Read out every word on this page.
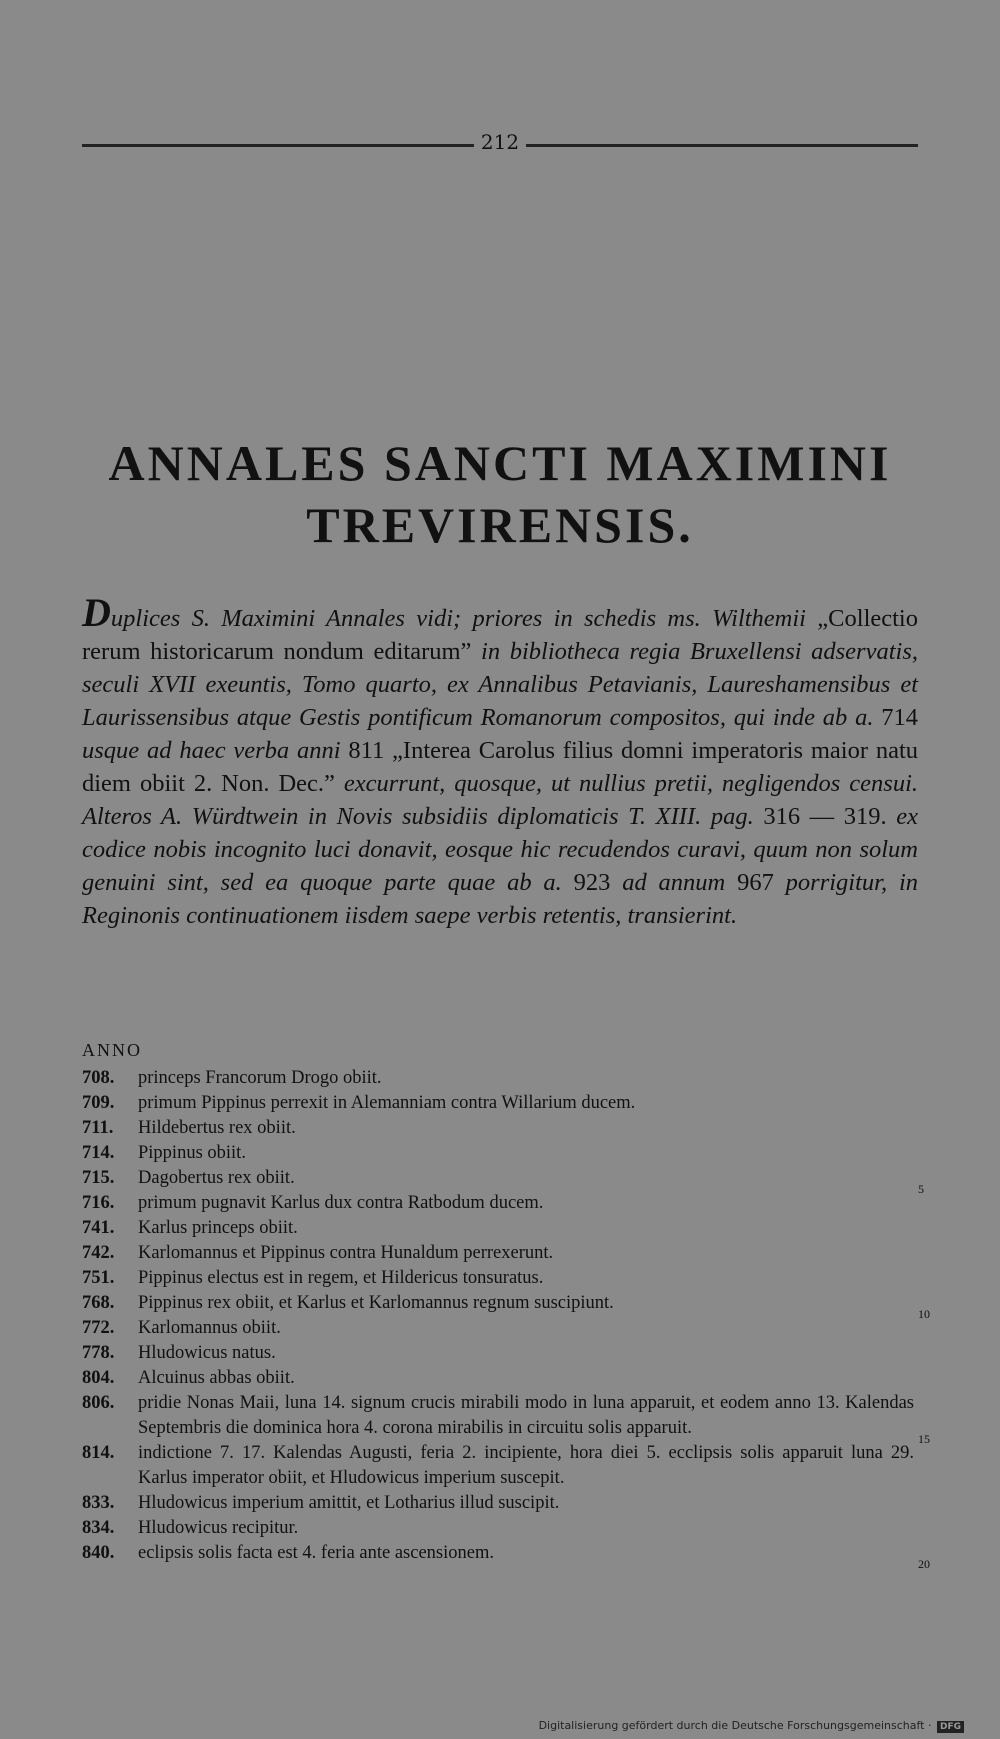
212
ANNALES SANCTI MAXIMINI
TREVIRENSIS.
Duplices S. Maximini Annales vidi; priores in schedis ms. Wilthemii „Collectio rerum historicarum nondum editarum” in bibliotheca regia Bruxellensi adservatis, seculi XVII exeuntis, Tomo quarto, ex Annalibus Petavianis, Laureshamensibus et Laurissensibus atque Gestis pontificum Romanorum compositos, qui inde ab a. 714 usque ad haec verba anni 811 „Interea Carolus filius domni imperatoris maior natu diem obiit 2. Non. Dec.” excurrunt, quosque, ut nullius pretii, negligendos censui. Alteros A. Würdtwein in Novis subsidiis diplomaticis T. XIII. pag. 316 — 319. ex codice nobis incognito luci donavit, eosque hic recudendos curavi, quum non solum genuini sint, sed ea quoque parte quae ab a. 923 ad annum 967 porrigitur, in Reginonis continuationem iisdem saepe verbis retentis, transierint.
ANNO
708.	princeps Francorum Drogo obiit.
709.	primum Pippinus perrexit in Alemanniam contra Willarium ducem.
711.	Hildebertus rex obiit.
714.	Pippinus obiit.
715.	Dagobertus rex obiit.
716.	primum pugnavit Karlus dux contra Ratbodum ducem.
741.	Karlus princeps obiit.
742.	Karlomannus et Pippinus contra Hunaldum perrexerunt.
751.	Pippinus electus est in regem, et Hildericus tonsuratus.
768.	Pippinus rex obiit, et Karlus et Karlomannus regnum suscipiunt.
772.	Karlomannus obiit.
778.	Hludowicus natus.
804.	Alcuinus abbas obiit.
806.	pridie Nonas Maii, luna 14. signum crucis mirabili modo in luna apparuit, et eodem anno 13. Kalendas Septembris die dominica hora 4. corona mirabilis in circuitu solis apparuit.
814.	indictione 7. 17. Kalendas Augusti, feria 2. incipiente, hora diei 5. ecclipsis solis apparuit luna 29. Karlus imperator obiit, et Hludowicus imperium suscepit.
833.	Hludowicus imperium amittit, et Lotharius illud suscipit.
834.	Hludowicus recipitur.
840.	eclipsis solis facta est 4. feria ante ascensionem.
5
10
15
20
Digitalisierung gefördert durch die Deutsche Forschungsgemeinschaft · DFG
